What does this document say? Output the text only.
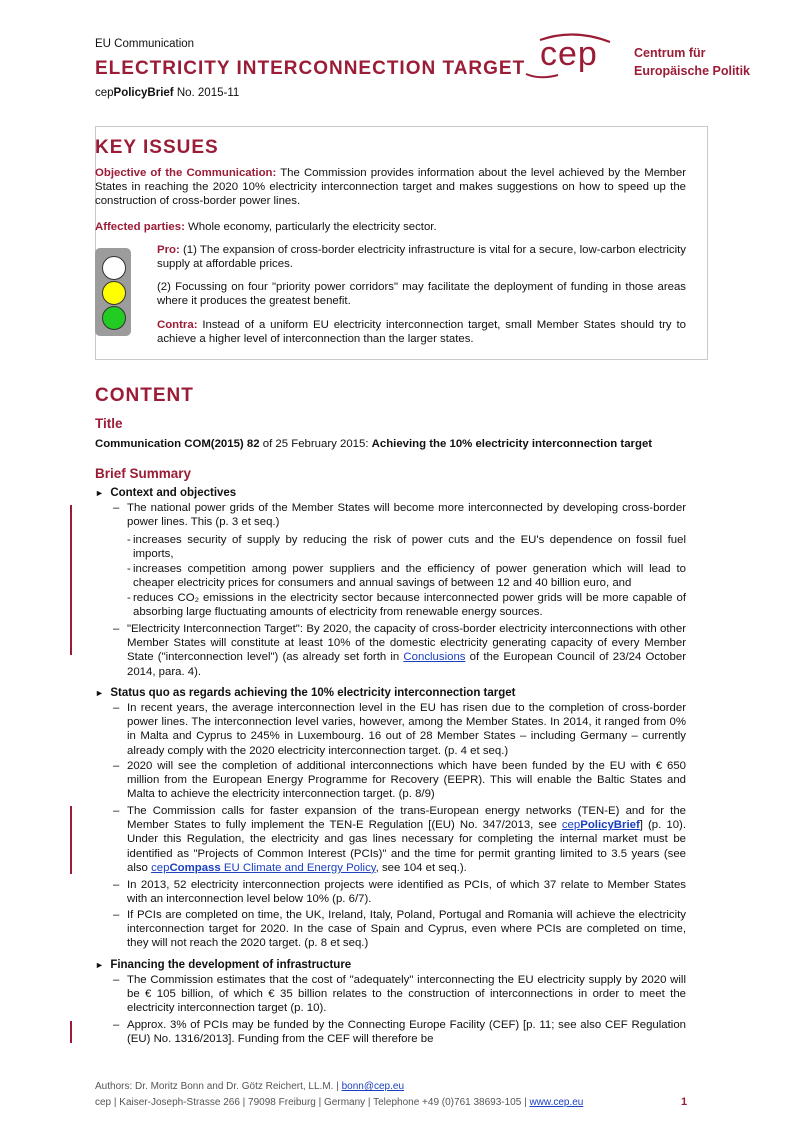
EU Communication
ELECTRICITY INTERCONNECTION TARGET
cepPolicyBrief No. 2015-11
cep	Centrum für
Europäische Politik
KEY ISSUES
Objective of the Communication: The Commission provides information about the level achieved by the Member States in reaching the 2020 10% electricity interconnection target and makes suggestions on how to speed up the construction of cross-border power lines.
Affected parties: Whole economy, particularly the electricity sector.
Pro: (1) The expansion of cross-border electricity infrastructure is vital for a secure, low-carbon electricity supply at affordable prices.
(2) Focussing on four "priority power corridors" may facilitate the deployment of funding in those areas where it produces the greatest benefit.
Contra: Instead of a uniform EU electricity interconnection target, small Member States should try to achieve a higher level of interconnection than the larger states.
CONTENT
Title
Communication COM(2015) 82 of 25 February 2015: Achieving the 10% electricity interconnection target
Brief Summary
► Context and objectives
– The national power grids of the Member States will become more interconnected by developing cross-border power lines. This (p. 3 et seq.)
- increases security of supply by reducing the risk of power cuts and the EU's dependence on fossil fuel imports,
- increases competition among power suppliers and the efficiency of power generation which will lead to cheaper electricity prices for consumers and annual savings of between 12 and 40 billion euro, and
- reduces CO₂ emissions in the electricity sector because interconnected power grids will be more capable of absorbing large fluctuating amounts of electricity from renewable energy sources.
– "Electricity Interconnection Target": By 2020, the capacity of cross-border electricity interconnections with other Member States will constitute at least 10% of the domestic electricity generating capacity of every Member State ("interconnection level") (as already set forth in Conclusions of the European Council of 23/24 October 2014, para. 4).
► Status quo as regards achieving the 10% electricity interconnection target
– In recent years, the average interconnection level in the EU has risen due to the completion of cross-border power lines. The interconnection level varies, however, among the Member States. In 2014, it ranged from 0% in Malta and Cyprus to 245% in Luxembourg. 16 out of 28 Member States – including Germany – currently already comply with the 2020 electricity interconnection target. (p. 4 et seq.)
– 2020 will see the completion of additional interconnections which have been funded by the EU with € 650 million from the European Energy Programme for Recovery (EEPR). This will enable the Baltic States and Malta to achieve the electricity interconnection target. (p. 8/9)
– The Commission calls for faster expansion of the trans-European energy networks (TEN-E) and for the Member States to fully implement the TEN-E Regulation [(EU) No. 347/2013, see cepPolicyBrief] (p. 10). Under this Regulation, the electricity and gas lines necessary for completing the internal market must be identified as "Projects of Common Interest (PCIs)" and the time for permit granting limited to 3.5 years (see also cepCompass EU Climate and Energy Policy, see 104 et seq.).
– In 2013, 52 electricity interconnection projects were identified as PCIs, of which 37 relate to Member States with an interconnection level below 10% (p. 6/7).
– If PCIs are completed on time, the UK, Ireland, Italy, Poland, Portugal and Romania will achieve the electricity interconnection target for 2020. In the case of Spain and Cyprus, even where PCIs are completed on time, they will not reach the 2020 target. (p. 8 et seq.)
► Financing the development of infrastructure
– The Commission estimates that the cost of "adequately" interconnecting the EU electricity supply by 2020 will be € 105 billion, of which € 35 billion relates to the construction of interconnections in order to meet the electricity interconnection target (p. 10).
– Approx. 3% of PCIs may be funded by the Connecting Europe Facility (CEF) [p. 11; see also CEF Regulation (EU) No. 1316/2013]. Funding from the CEF will therefore be
Authors: Dr. Moritz Bonn and Dr. Götz Reichert, LL.M. | bonn@cep.eu
cep | Kaiser-Joseph-Strasse 266 | 79098 Freiburg | Germany | Telephone +49 (0)761 38693-105 | www.cep.eu	1
